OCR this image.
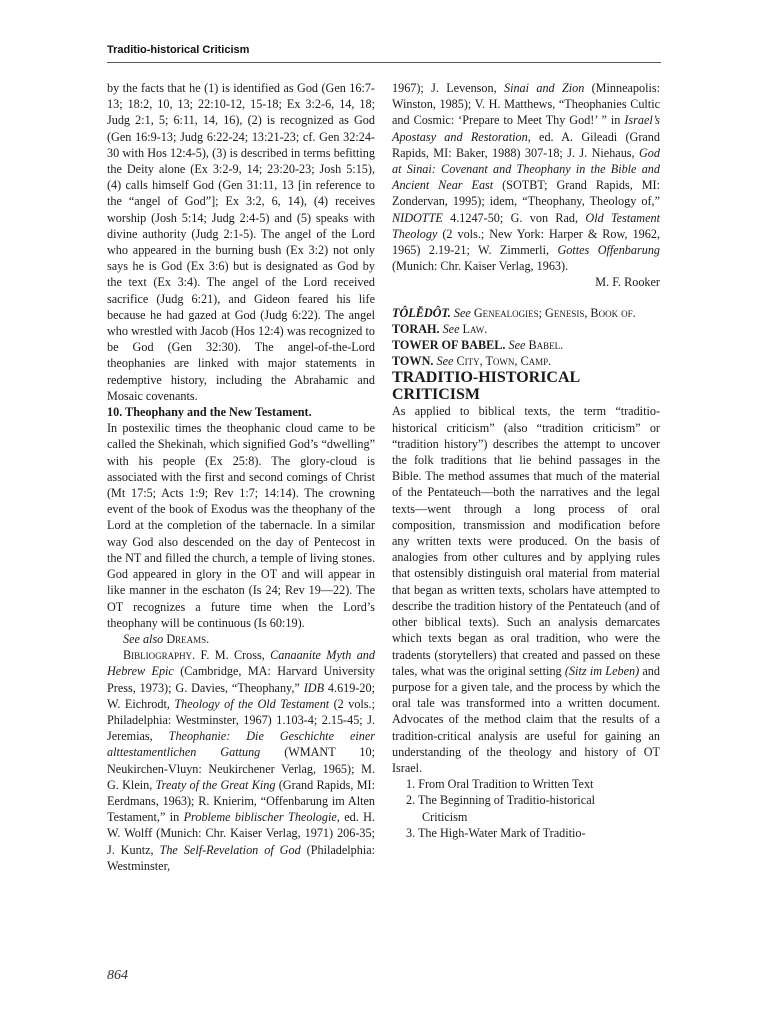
Traditio-historical Criticism

by the facts that he (1) is identified as God (Gen 16:7-13; 18:2, 10, 13; 22:10-12, 15-18; Ex 3:2-6, 14, 18; Judg 2:1, 5; 6:11, 14, 16), (2) is recognized as God (Gen 16:9-13; Judg 6:22-24; 13:21-23; cf. Gen 32:24-30 with Hos 12:4-5), (3) is described in terms befitting the Deity alone (Ex 3:2-9, 14; 23:20-23; Josh 5:15), (4) calls himself God (Gen 31:11, 13 [in reference to the “angel of God”]; Ex 3:2, 6, 14), (4) receives worship (Josh 5:14; Judg 2:4-5) and (5) speaks with divine authority (Judg 2:1-5). The angel of the Lord who appeared in the burning bush (Ex 3:2) not only says he is God (Ex 3:6) but is designated as God by the text (Ex 3:4). The angel of the Lord received sacrifice (Judg 6:21), and Gideon feared his life because he had gazed at God (Judg 6:22). The angel who wrestled with Jacob (Hos 12:4) was recognized to be God (Gen 32:30). The angel-of-the-Lord theophanies are linked with major statements in redemptive history, including the Abrahamic and Mosaic covenants.

10. Theophany and the New Testament.

In postexilic times the theophanic cloud came to be called the Shekinah, which signified God’s “dwelling” with his people (Ex 25:8). The glory-cloud is associated with the first and second comings of Christ (Mt 17:5; Acts 1:9; Rev 1:7; 14:14). The crowning event of the book of Exodus was the theophany of the Lord at the completion of the tabernacle. In a similar way God also descended on the day of Pentecost in the NT and filled the church, a temple of living stones. God appeared in glory in the OT and will appear in like manner in the eschaton (Is 24; Rev 19—22). The OT recognizes a future time when the Lord’s theophany will be continuous (Is 60:19).

See also Dreams.

Bibliography. F. M. Cross, Canaanite Myth and Hebrew Epic (Cambridge, MA: Harvard University Press, 1973); G. Davies, “Theophany,” IDB 4.619-20; W. Eichrodt, Theology of the Old Testament (2 vols.; Philadelphia: Westminster, 1967) 1.103-4; 2.15-45; J. Jeremias, Theophanie: Die Geschichte einer alttestamentlichen Gattung (WMANT 10; Neukirchen-Vluyn: Neukirchener Verlag, 1965); M. G. Klein, Treaty of the Great King (Grand Rapids, MI: Eerdmans, 1963); R. Knierim, “Offenbarung im Alten Testament,” in Probleme biblischer Theologie, ed. H. W. Wolff (Munich: Chr. Kaiser Verlag, 1971) 206-35; J. Kuntz, The Self-Revelation of God (Philadelphia: Westminster,

1967); J. Levenson, Sinai and Zion (Minneapolis: Winston, 1985); V. H. Matthews, “Theophanies Cultic and Cosmic: ‘Prepare to Meet Thy God!’ ” in Israel’s Apostasy and Restoration, ed. A. Gileadi (Grand Rapids, MI: Baker, 1988) 307-18; J. J. Niehaus, God at Sinai: Covenant and Theophany in the Bible and Ancient Near East (SOTBT; Grand Rapids, MI: Zondervan, 1995); idem, “Theophany, Theology of,” NIDOTTE 4.1247-50; G. von Rad, Old Testament Theology (2 vols.; New York: Harper & Row, 1962, 1965) 2.19-21; W. Zimmerli, Gottes Offenbarung (Munich: Chr. Kaiser Verlag, 1963).

M. F. Rooker

TÔLĔDÔT. See Genealogies; Genesis, Book of.

TORAH. See Law.

TOWER OF BABEL. See Babel.

TOWN. See City, Town, Camp.

TRADITIO-HISTORICAL CRITICISM

As applied to biblical texts, the term “traditio-historical criticism” (also “tradition criticism” or “tradition history”) describes the attempt to uncover the folk traditions that lie behind passages in the Bible. The method assumes that much of the material of the Pentateuch—both the narratives and the legal texts—went through a long process of oral composition, transmission and modification before any written texts were produced. On the basis of analogies from other cultures and by applying rules that ostensibly distinguish oral material from material that began as written texts, scholars have attempted to describe the tradition history of the Pentateuch (and of other biblical texts). Such an analysis demarcates which texts began as oral tradition, who were the tradents (storytellers) that created and passed on these tales, what was the original setting (Sitz im Leben) and purpose for a given tale, and the process by which the oral tale was transformed into a written document. Advocates of the method claim that the results of a tradition-critical analysis are useful for gaining an understanding of the theology and history of OT Israel.

1. From Oral Tradition to Written Text

2. The Beginning of Traditio-historical

Criticism

3. The High-Water Mark of Traditio-

864
